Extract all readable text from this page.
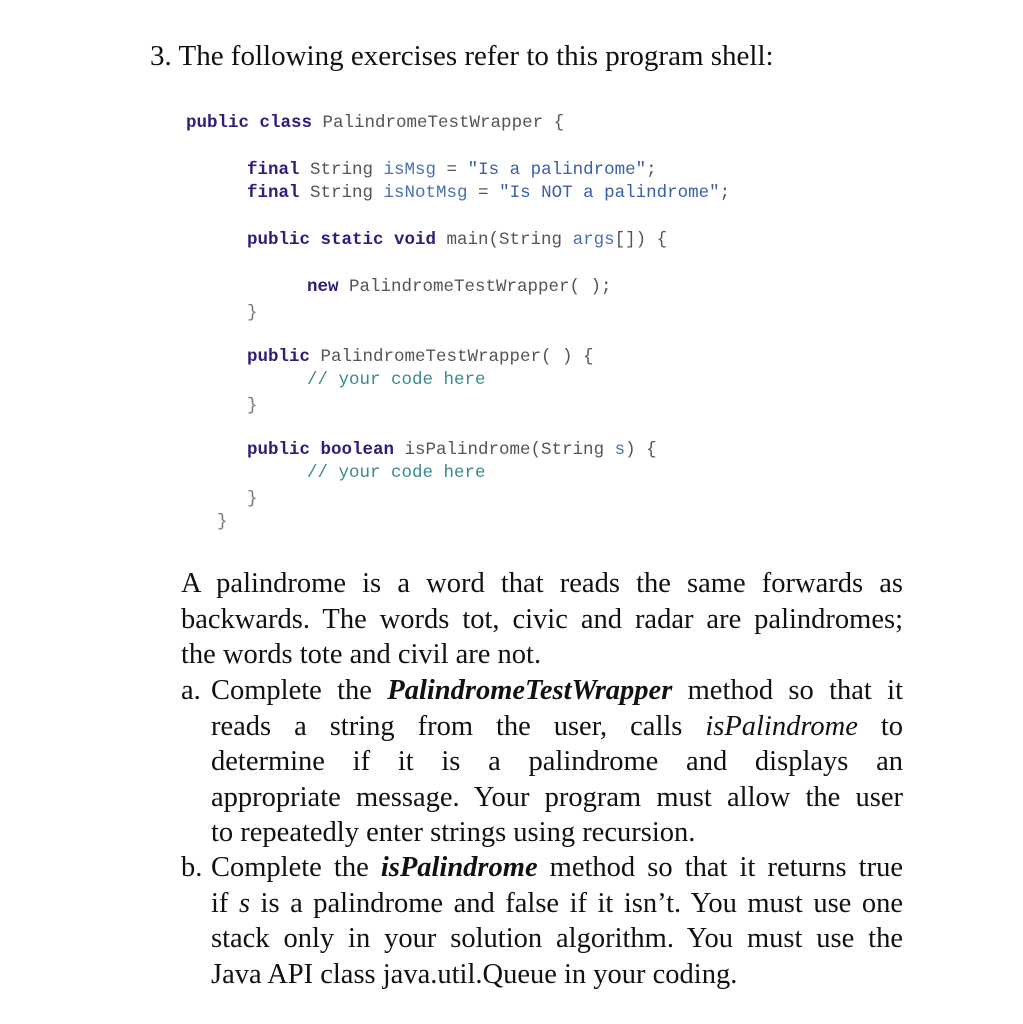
3. The following exercises refer to this program shell:
public class PalindromeTestWrapper {
final String isMsg = "Is a palindrome";
final String isNotMsg = "Is NOT a palindrome";
public static void main(String args[]) {
new PalindromeTestWrapper( );
}
public PalindromeTestWrapper( ) {
// your code here
}
public boolean isPalindrome(String s) {
// your code here
}
}
A palindrome is a word that reads the same forwards as
backwards. The words tot, civic and radar are palindromes;
the words tote and civil are not.
a. Complete the PalindromeTestWrapper method so that it
reads a string from the user, calls isPalindrome to
determine if it is a palindrome and displays an
appropriate message. Your program must allow the user
to repeatedly enter strings using recursion.
b. Complete the isPalindrome method so that it returns true
if s is a palindrome and false if it isn’t. You must use one
stack only in your solution algorithm. You must use the
Java API class java.util.Queue in your coding.
